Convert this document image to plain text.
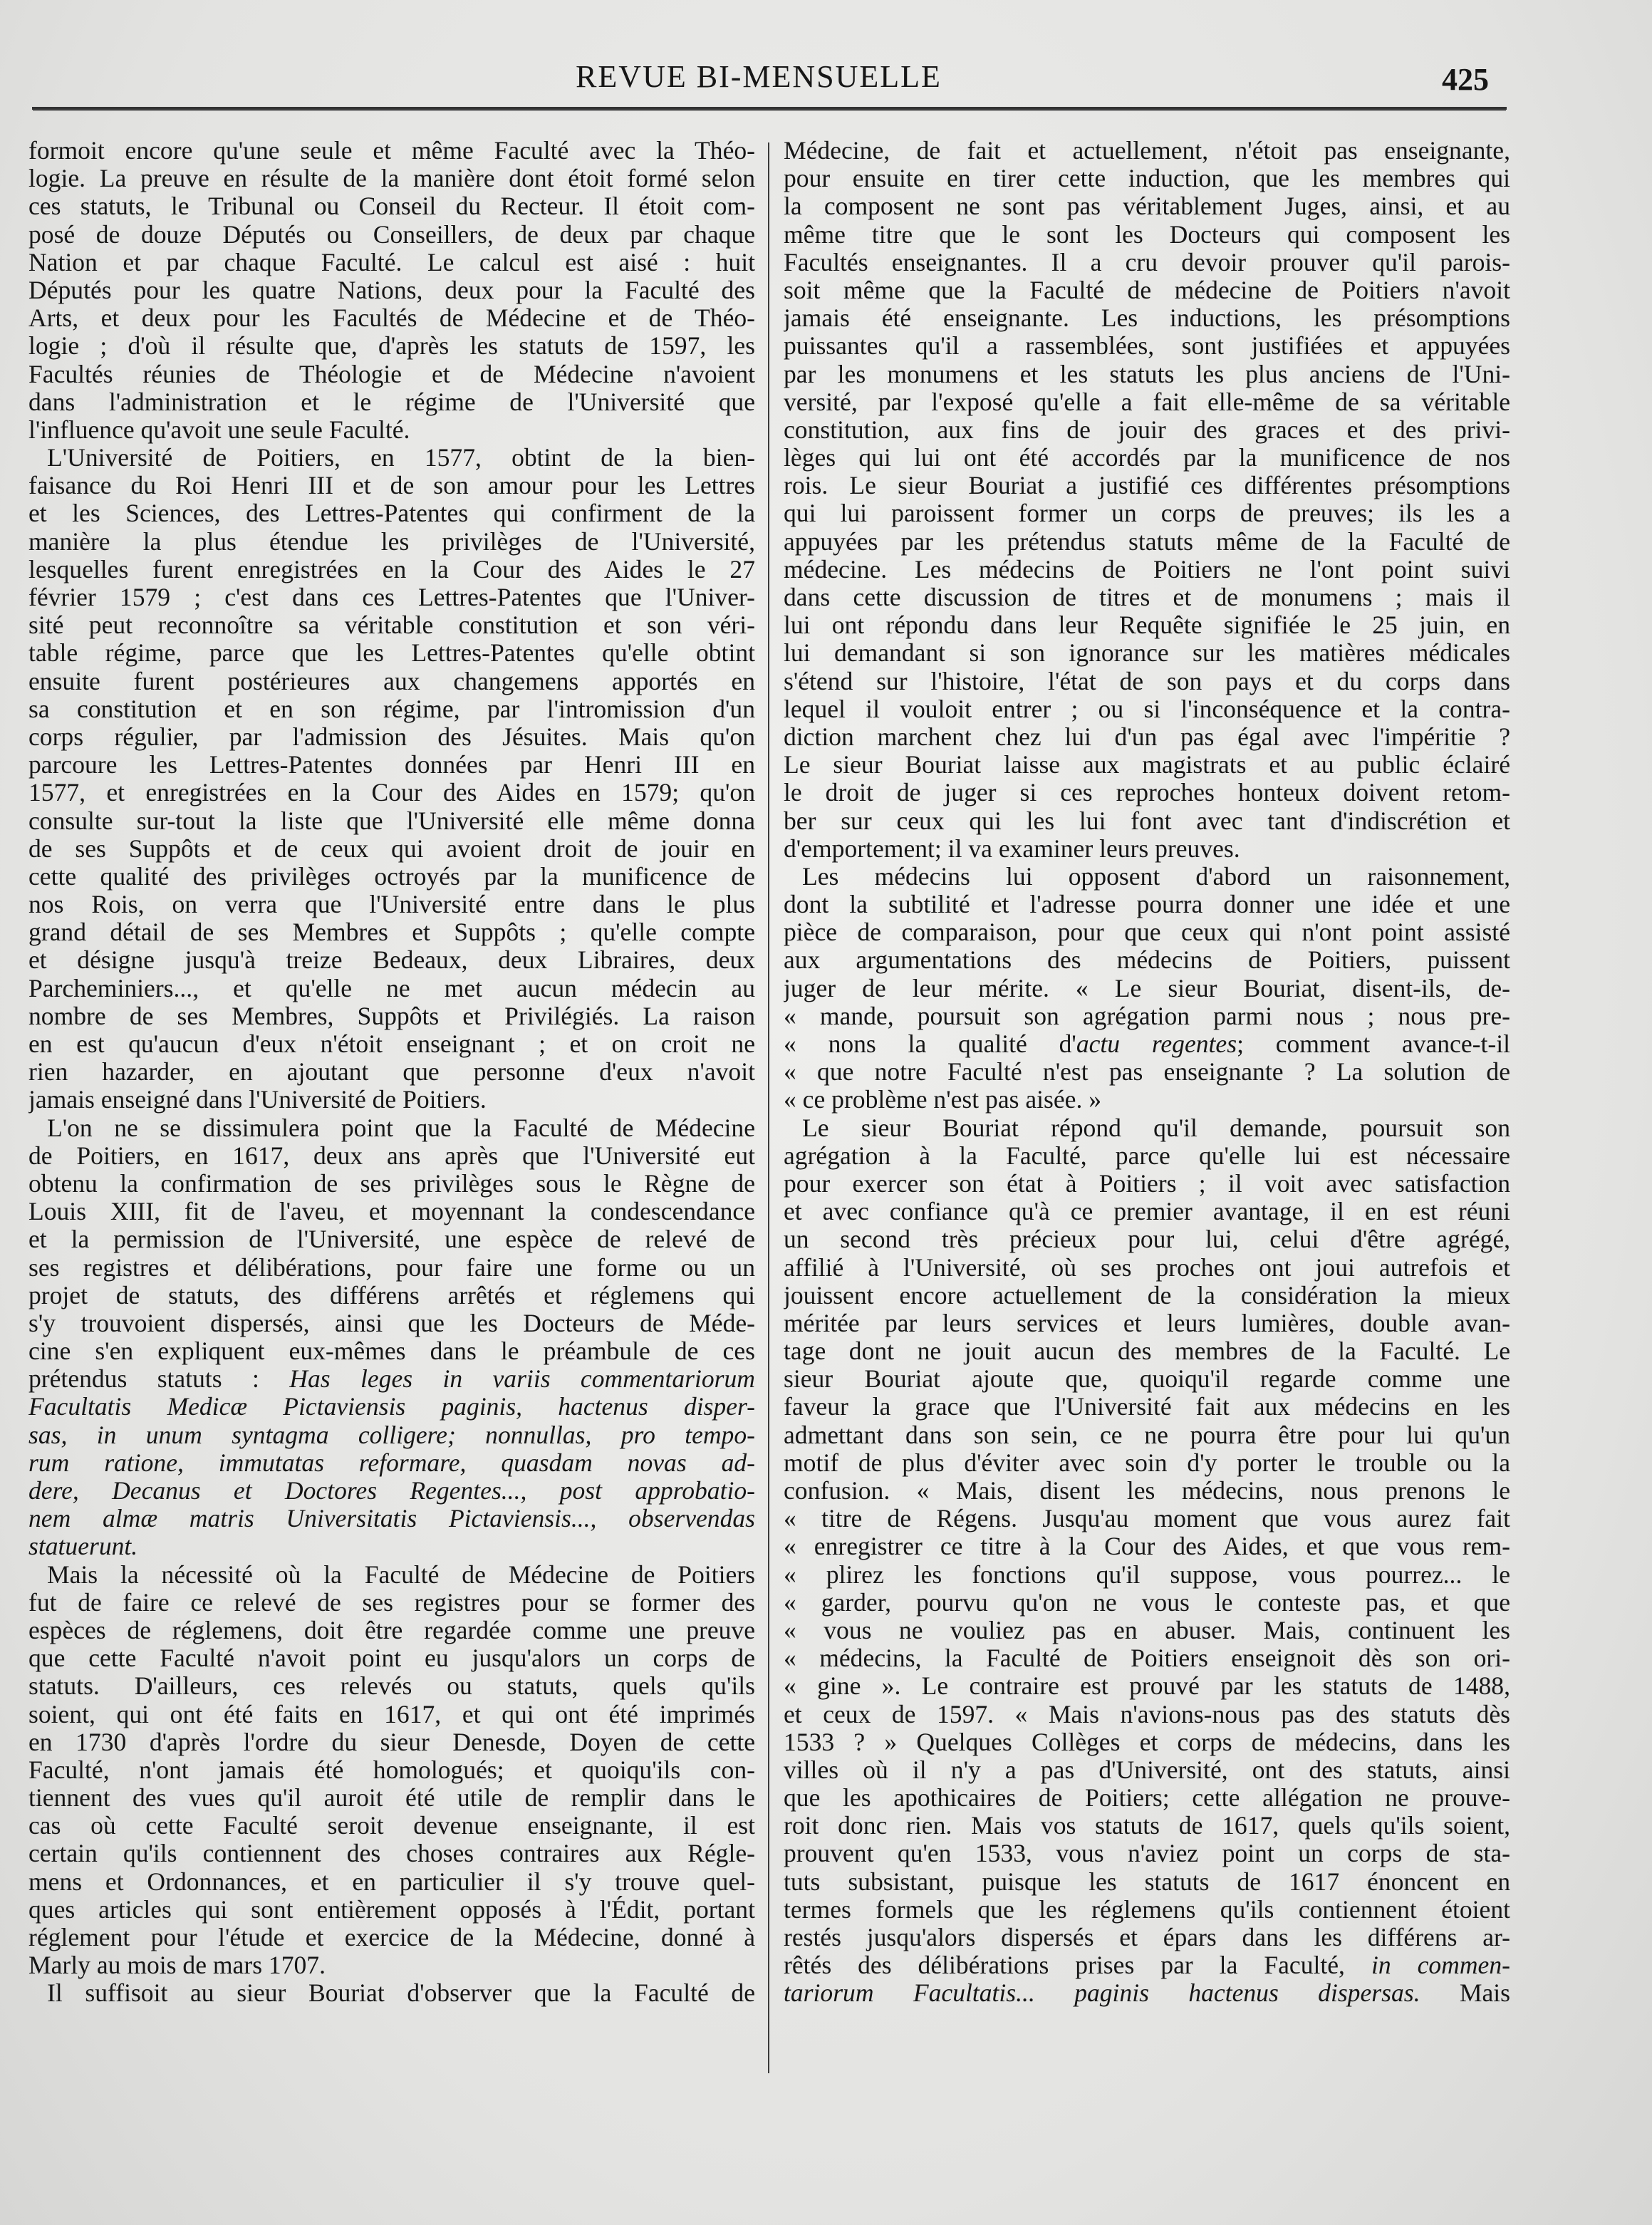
REVUE BI-MENSUELLE	425
formoit encore qu'une seule et même Faculté avec la Théo-
logie. La preuve en résulte de la manière dont étoit formé selon
ces statuts, le Tribunal ou Conseil du Recteur. Il étoit com-
posé de douze Députés ou Conseillers, de deux par chaque
Nation et par chaque Faculté. Le calcul est aisé : huit
Députés pour les quatre Nations, deux pour la Faculté des
Arts, et deux pour les Facultés de Médecine et de Théo-
logie ; d'où il résulte que, d'après les statuts de 1597, les
Facultés réunies de Théologie et de Médecine n'avoient
dans l'administration et le régime de l'Université que
l'influence qu'avoit une seule Faculté.
L'Université de Poitiers, en 1577, obtint de la bien-
faisance du Roi Henri III et de son amour pour les Lettres
et les Sciences, des Lettres-Patentes qui confirment de la
manière la plus étendue les privilèges de l'Université,
lesquelles furent enregistrées en la Cour des Aides le 27
février 1579 ; c'est dans ces Lettres-Patentes que l'Univer-
sité peut reconnoître sa véritable constitution et son véri-
table régime, parce que les Lettres-Patentes qu'elle obtint
ensuite furent postérieures aux changemens apportés en
sa constitution et en son régime, par l'intromission d'un
corps régulier, par l'admission des Jésuites. Mais qu'on
parcoure les Lettres-Patentes données par Henri III en
1577, et enregistrées en la Cour des Aides en 1579; qu'on
consulte sur-tout la liste que l'Université elle même donna
de ses Suppôts et de ceux qui avoient droit de jouir en
cette qualité des privilèges octroyés par la munificence de
nos Rois, on verra que l'Université entre dans le plus
grand détail de ses Membres et Suppôts ; qu'elle compte
et désigne jusqu'à treize Bedeaux, deux Libraires, deux
Parcheminiers..., et qu'elle ne met aucun médecin au
nombre de ses Membres, Suppôts et Privilégiés. La raison
en est qu'aucun d'eux n'étoit enseignant ; et on croit ne
rien hazarder, en ajoutant que personne d'eux n'avoit
jamais enseigné dans l'Université de Poitiers.
L'on ne se dissimulera point que la Faculté de Médecine
de Poitiers, en 1617, deux ans après que l'Université eut
obtenu la confirmation de ses privilèges sous le Règne de
Louis XIII, fit de l'aveu, et moyennant la condescendance
et la permission de l'Université, une espèce de relevé de
ses registres et délibérations, pour faire une forme ou un
projet de statuts, des différens arrêtés et réglemens qui
s'y trouvoient dispersés, ainsi que les Docteurs de Méde-
cine s'en expliquent eux-mêmes dans le préambule de ces
prétendus statuts : Has leges in variis commentariorum
Facultatis Medicæ Pictaviensis paginis, hactenus disper-
sas, in unum syntagma colligere; nonnullas, pro tempo-
rum ratione, immutatas reformare, quasdam novas ad-
dere, Decanus et Doctores Regentes..., post approbatio-
nem almæ matris Universitatis Pictaviensis..., observendas
statuerunt.
Mais la nécessité où la Faculté de Médecine de Poitiers
fut de faire ce relevé de ses registres pour se former des
espèces de réglemens, doit être regardée comme une preuve
que cette Faculté n'avoit point eu jusqu'alors un corps de
statuts. D'ailleurs, ces relevés ou statuts, quels qu'ils
soient, qui ont été faits en 1617, et qui ont été imprimés
en 1730 d'après l'ordre du sieur Denesde, Doyen de cette
Faculté, n'ont jamais été homologués; et quoiqu'ils con-
tiennent des vues qu'il auroit été utile de remplir dans le
cas où cette Faculté seroit devenue enseignante, il est
certain qu'ils contiennent des choses contraires aux Régle-
mens et Ordonnances, et en particulier il s'y trouve quel-
ques articles qui sont entièrement opposés à l'Édit, portant
réglement pour l'étude et exercice de la Médecine, donné à
Marly au mois de mars 1707.
Il suffisoit au sieur Bouriat d'observer que la Faculté de
Médecine, de fait et actuellement, n'étoit pas enseignante,
pour ensuite en tirer cette induction, que les membres qui
la composent ne sont pas véritablement Juges, ainsi, et au
même titre que le sont les Docteurs qui composent les
Facultés enseignantes. Il a cru devoir prouver qu'il parois-
soit même que la Faculté de médecine de Poitiers n'avoit
jamais été enseignante. Les inductions, les présomptions
puissantes qu'il a rassemblées, sont justifiées et appuyées
par les monumens et les statuts les plus anciens de l'Uni-
versité, par l'exposé qu'elle a fait elle-même de sa véritable
constitution, aux fins de jouir des graces et des privi-
lèges qui lui ont été accordés par la munificence de nos
rois. Le sieur Bouriat a justifié ces différentes présomptions
qui lui paroissent former un corps de preuves; ils les a
appuyées par les prétendus statuts même de la Faculté de
médecine. Les médecins de Poitiers ne l'ont point suivi
dans cette discussion de titres et de monumens ; mais il
lui ont répondu dans leur Requête signifiée le 25 juin, en
lui demandant si son ignorance sur les matières médicales
s'étend sur l'histoire, l'état de son pays et du corps dans
lequel il vouloit entrer ; ou si l'inconséquence et la contra-
diction marchent chez lui d'un pas égal avec l'impéritie ?
Le sieur Bouriat laisse aux magistrats et au public éclairé
le droit de juger si ces reproches honteux doivent retom-
ber sur ceux qui les lui font avec tant d'indiscrétion et
d'emportement; il va examiner leurs preuves.
Les médecins lui opposent d'abord un raisonnement,
dont la subtilité et l'adresse pourra donner une idée et une
pièce de comparaison, pour que ceux qui n'ont point assisté
aux argumentations des médecins de Poitiers, puissent
juger de leur mérite. « Le sieur Bouriat, disent-ils, de-
« mande, poursuit son agrégation parmi nous ; nous pre-
« nons la qualité d'actu regentes; comment avance-t-il
« que notre Faculté n'est pas enseignante ? La solution de
« ce problème n'est pas aisée. »
Le sieur Bouriat répond qu'il demande, poursuit son
agrégation à la Faculté, parce qu'elle lui est nécessaire
pour exercer son état à Poitiers ; il voit avec satisfaction
et avec confiance qu'à ce premier avantage, il en est réuni
un second très précieux pour lui, celui d'être agrégé,
affilié à l'Université, où ses proches ont joui autrefois et
jouissent encore actuellement de la considération la mieux
méritée par leurs services et leurs lumières, double avan-
tage dont ne jouit aucun des membres de la Faculté. Le
sieur Bouriat ajoute que, quoiqu'il regarde comme une
faveur la grace que l'Université fait aux médecins en les
admettant dans son sein, ce ne pourra être pour lui qu'un
motif de plus d'éviter avec soin d'y porter le trouble ou la
confusion. « Mais, disent les médecins, nous prenons le
« titre de Régens. Jusqu'au moment que vous aurez fait
« enregistrer ce titre à la Cour des Aides, et que vous rem-
« plirez les fonctions qu'il suppose, vous pourrez... le
« garder, pourvu qu'on ne vous le conteste pas, et que
« vous ne vouliez pas en abuser. Mais, continuent les
« médecins, la Faculté de Poitiers enseignoit dès son ori-
« gine ». Le contraire est prouvé par les statuts de 1488,
et ceux de 1597. « Mais n'avions-nous pas des statuts dès
1533 ? » Quelques Collèges et corps de médecins, dans les
villes où il n'y a pas d'Université, ont des statuts, ainsi
que les apothicaires de Poitiers; cette allégation ne prouve-
roit donc rien. Mais vos statuts de 1617, quels qu'ils soient,
prouvent qu'en 1533, vous n'aviez point un corps de sta-
tuts subsistant, puisque les statuts de 1617 énoncent en
termes formels que les réglemens qu'ils contiennent étoient
restés jusqu'alors dispersés et épars dans les différens ar-
rêtés des délibérations prises par la Faculté, in commen-
tariorum Facultatis... paginis hactenus dispersas. Mais
